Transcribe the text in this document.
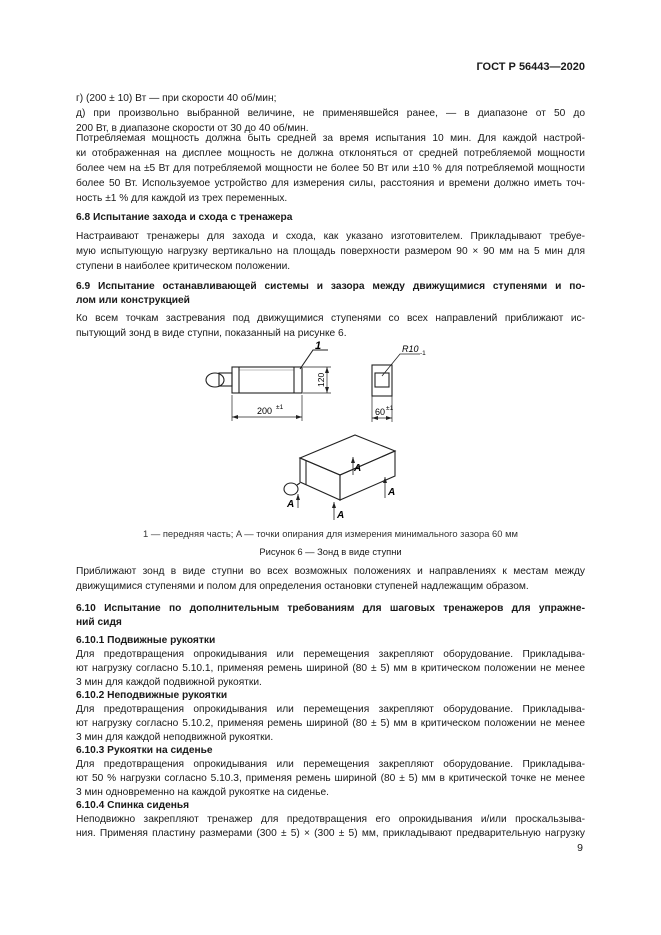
ГОСТ Р 56443—2020
г) (200 ± 10) Вт — при скорости 40 об/мин;
д) при произвольно выбранной величине, не применявшейся ранее, — в диапазоне от 50 до
200 Вт, в диапазоне скорости от 30 до 40 об/мин.
Потребляемая мощность должна быть средней за время испытания 10 мин. Для каждой настрой-
ки отображенная на дисплее мощность не должна отклоняться от средней потребляемой мощности
более чем на ±5 Вт для потребляемой мощности не более 50 Вт или ±10 % для потребляемой мощности
более 50 Вт. Используемое устройство для измерения силы, расстояния и времени должно иметь точ-
ность ±1 % для каждой из трех переменных.
6.8 Испытание захода и схода с тренажера
Настраивают тренажеры для захода и схода, как указано изготовителем. Прикладывают требуе-
мую испытующую нагрузку вертикально на площадь поверхности размером 90 × 90 мм на 5 мин для
ступени в наиболее критическом положении.
6.9 Испытание останавливающей системы и зазора между движущимися ступенями и по-
лом или конструкцией
Ко всем точкам застревания под движущимися ступенями со всех направлений приближают ис-
пытующий зонд в виде ступни, показанный на рисунке 6.
1
200 ±1
120
60 ±1
R10 -1
A
A
A
A
1 — передняя часть; A — точки опирания для измерения минимального зазора 60 мм
Рисунок 6 — Зонд в виде ступни
Приближают зонд в виде ступни во всех возможных положениях и направлениях к местам между
движущимися ступенями и полом для определения остановки ступеней надлежащим образом.
6.10 Испытание по дополнительным требованиям для шаговых тренажеров для упражне-
ний сидя
6.10.1 Подвижные рукоятки
Для предотвращения опрокидывания или перемещения закрепляют оборудование. Прикладыва-
ют нагрузку согласно 5.10.1, применяя ремень шириной (80 ± 5) мм в критическом положении не менее
3 мин для каждой подвижной рукоятки.
6.10.2 Неподвижные рукоятки
Для предотвращения опрокидывания или перемещения закрепляют оборудование. Прикладыва-
ют нагрузку согласно 5.10.2, применяя ремень шириной (80 ± 5) мм в критическом положении не менее
3 мин для каждой неподвижной рукоятки.
6.10.3 Рукоятки на сиденье
Для предотвращения опрокидывания или перемещения закрепляют оборудование. Прикладыва-
ют 50 % нагрузки согласно 5.10.3, применяя ремень шириной (80 ± 5) мм в критической точке не менее
3 мин одновременно на каждой рукоятке на сиденье.
6.10.4 Спинка сиденья
Неподвижно закрепляют тренажер для предотвращения его опрокидывания и/или проскальзыва-
ния. Применяя пластину размерами (300 ± 5) × (300 ± 5) мм, прикладывают предварительную нагрузку
9
